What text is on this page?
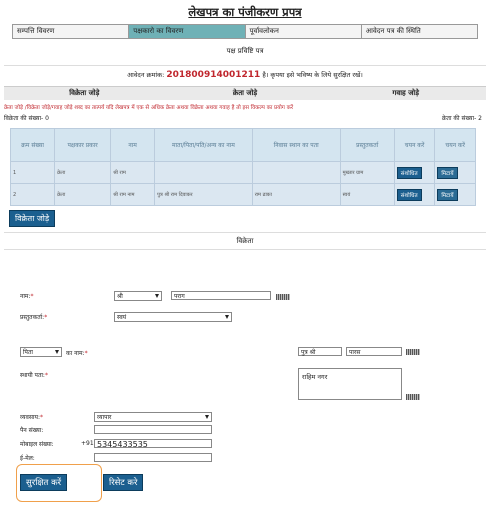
लेखपत्र का पंजीकरण प्रपत्र
सम्पत्ति विवरण	पक्षकारो का विवरण	पूर्वावलोकन	आवेदन पत्र की स्थिति
पक्ष प्रविष्टि पत्र
आवेदन क्रमांक: 201800914001211 है। कृपया इसे भविष्य के लिये सुरक्षित रखें।
विक्रेता जोड़े	क्रेता जोड़े	गवाह जोड़े
क्रेता जोड़े /विक्रेता जोड़े/गवाह जोड़े शब्द का तात्पर्य यदि लेखपत्र में एक से अधिक क्रेता अथवा विक्रेता अथवा गवाह है तो इस विकल्प का प्रयोग करें
विक्रेता की संख्या- 0	क्रेता की संख्या- 2
क्रम संख्या	पक्षकार प्रकार	नाम	माता/पिता/पति/अन्य का नाम	निवास स्थान का पता	प्रस्तुतकर्ता	चयन करें	चयन करें
1	क्रेता	श्री राम			मुख्तार ग्राम	संशोधित	मिटायें
2	क्रेता	श्री राम नाम	पुत्र श्री राम दिवाकर	राम ढाका	स्वयं	संशोधित	मिटायें
विक्रेता जोड़े
विक्रेता
नाम:*	श्री	पराग
प्रस्तुतकर्ता:*	स्वयं
पिता	का नाम:*	पुत्र श्री	पारस
स्थायी पता:*	राहिम नगर
व्यवसाय:*	व्यापार
पैन संख्या:
मोबाइल संख्या:	+91 5345433535
ई-मेल:
सुरक्षित करें	रिसेट करे
